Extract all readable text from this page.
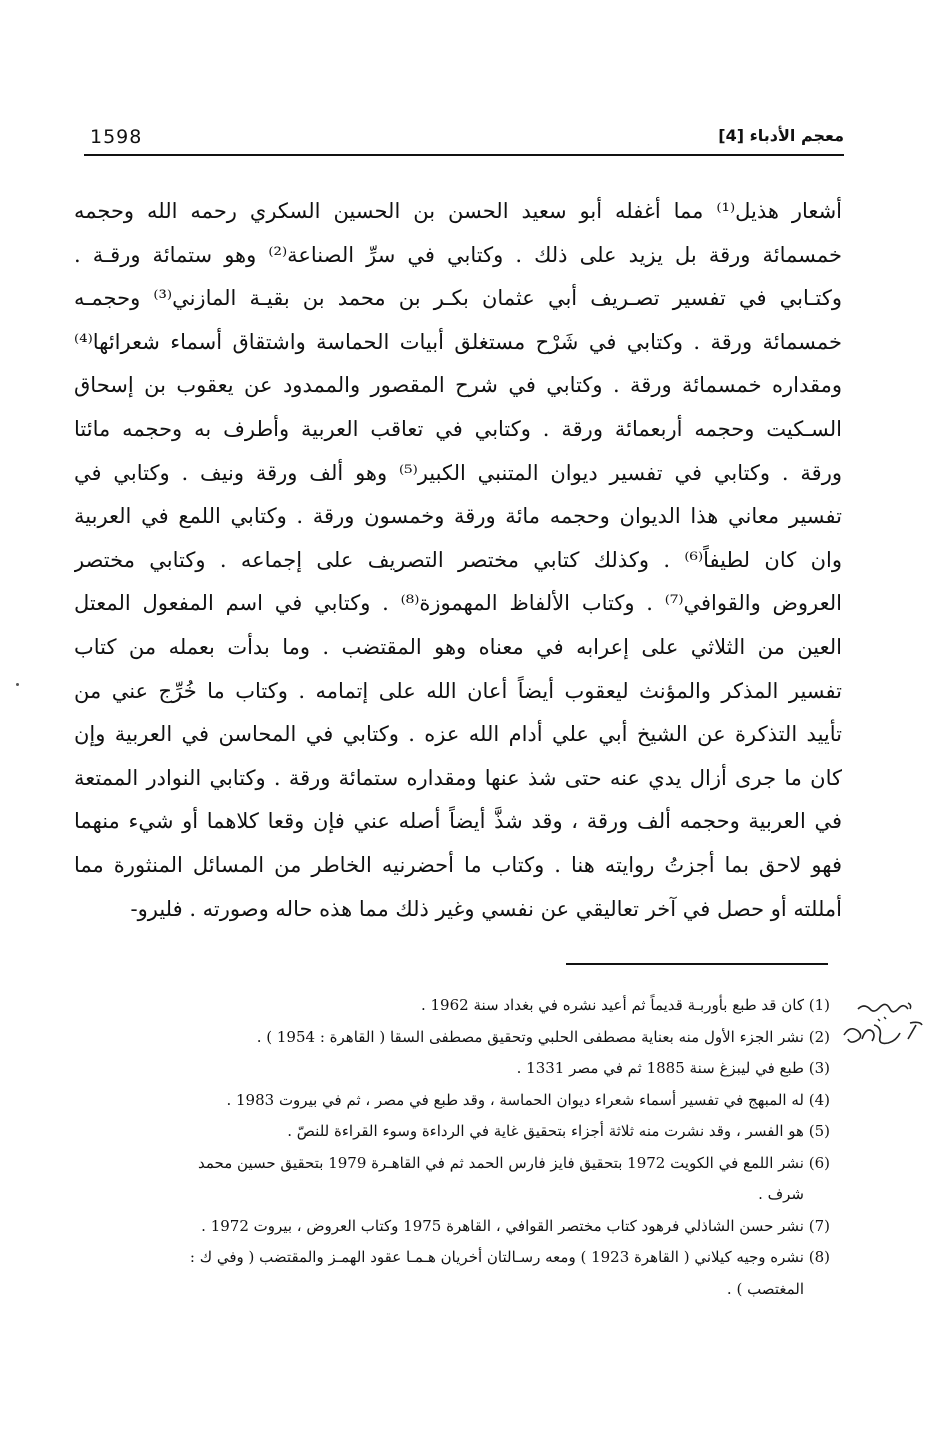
1598	معجم الأدباء [4]
أشعار هذيل⁽¹⁾ مما أغفله أبو سعيد الحسن بن الحسين السكري رحمه الله وحجمه
خمسمائة ورقة بل يزيد على ذلك . وكتابي في سرِّ الصناعة⁽²⁾ وهو ستمائة ورقـة .
وكتـابي في تفسير تصـريف أبي عثمان بكـر بن محمد بن بقيـة المازني⁽³⁾ وحجمـه
خمسمائة ورقة . وكتابي في شَرْح مستغلق أبيات الحماسة واشتقاق أسماء شعرائها⁽⁴⁾
ومقداره خمسمائة ورقة . وكتابي في شرح المقصور والممدود عن يعقوب بن إسحاق
السـكيت وحجمه أربعمائة ورقة . وكتابي في تعاقب العربية وأطرف به وحجمه مائتا
ورقة . وكتابي في تفسير ديوان المتنبي الكبير⁽⁵⁾ وهو ألف ورقة ونيف . وكتابي في
تفسير معاني هذا الديوان وحجمه مائة ورقة وخمسون ورقة . وكتابي اللمع في العربية
وان كان لطيفاً⁽⁶⁾ . وكذلك كتابي مختصر التصريف على إجماعه . وكتابي مختصر
العروض والقوافي⁽⁷⁾ . وكتاب الألفاظ المهموزة⁽⁸⁾ . وكتابي في اسم المفعول المعتل
العين من الثلاثي على إعرابه في معناه وهو المقتضب . وما بدأت بعمله من كتاب
تفسير المذكر والمؤنث ليعقوب أيضاً أعان الله على إتمامه . وكتاب ما خُرِّج عني من
تأييد التذكرة عن الشيخ أبي علي أدام الله عزه . وكتابي في المحاسن في العربية وإن
كان ما جرى أزال يدي عنه حتى شذ عنها ومقداره ستمائة ورقة . وكتابي النوادر الممتعة
في العربية وحجمه ألف ورقة ، وقد شذَّ أيضاً أصله عني فإن وقعا كلاهما أو شيء منهما
فهو لاحق بما أجزتُ روايته هنا . وكتاب ما أحضرنيه الخاطر من المسائل المنثورة مما
أمللته أو حصل في آخر تعاليقي عن نفسي وغير ذلك مما هذه حاله وصورته . فليرو-
(1) كان قد طبع بأوربـة قديماً ثم أعيد نشره في بغداد سنة 1962 .
(2) نشر الجزء الأول منه بعناية مصطفى الحلبي وتحقيق مصطفى السقا ( القاهرة : 1954 ) .
(3) طبع في ليبزغ سنة 1885 ثم في مصر 1331 .
(4) له المبهج في تفسير أسماء شعراء ديوان الحماسة ، وقد طبع في مصر ، ثم في بيروت 1983 .
(5) هو الفسر ، وقد نشرت منه ثلاثة أجزاء بتحقيق غاية في الرداءة وسوء القراءة للنصّ .
(6) نشر اللمع في الكويت 1972 بتحقيق فايز فارس الحمد ثم في القاهـرة 1979 بتحقيق حسين محمد
شرف .
(7) نشر حسن الشاذلي فرهود كتاب مختصر القوافي ، القاهرة 1975 وكتاب العروض ، بيروت 1972 .
(8) نشره وجيه كيلاني ( القاهرة 1923 ) ومعه رسـالتان أخريان هـمـا عقود الهمـز والمقتضب ( وفي ك :
المغتصب ) .
